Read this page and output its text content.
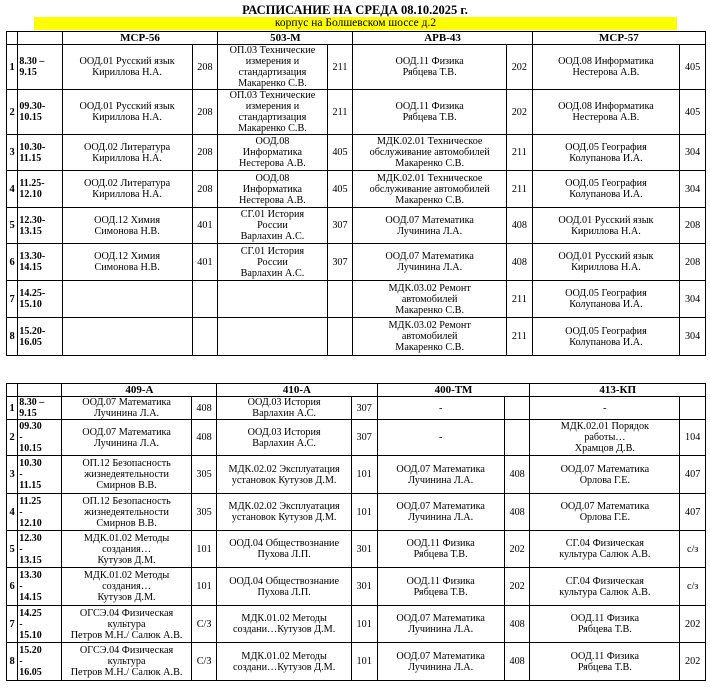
РАСПИСАНИЕ НА СРЕДА 08.10.2025 г.
корпус на Болшевском шоссе д.2
		МСР-56		503-М		АРВ-43		МСР-57	
1	8.30 –
9.15	ООД.01 Русский язык
Кириллова Н.А.	208	ОП.03 Технические
измерения и
стандартизация
Макаренко С.В.	211	ООД.11 Физика
Рябцева Т.В.	202	ООД.08 Информатика
Нестерова А.В.	405
2	09.30-
10.15	ООД.01 Русский язык
Кириллова Н.А.	208	ОП.03 Технические
измерения и
стандартизация
Макаренко С.В.	211	ООД.11 Физика
Рябцева Т.В.	202	ООД.08 Информатика
Нестерова А.В.	405
3	10.30-
11.15	ООД.02 Литература
Кириллова Н.А.	208	ООД.08
Информатика
Нестерова А.В.	405	МДК.02.01 Техническое
обслуживание автомобилей
Макаренко С.В.	211	ООД.05 География
Колупанова И.А.	304
4	11.25-
12.10	ООД.02 Литература
Кириллова Н.А.	208	ООД.08
Информатика
Нестерова А.В.	405	МДК.02.01 Техническое
обслуживание автомобилей
Макаренко С.В.	211	ООД.05 География
Колупанова И.А.	304
5	12.30-
13.15	ООД.12 Химия
Симонова Н.В.	401	СГ.01 История
России
Варлахин А.С.	307	ООД.07 Математика
Лучинина Л.А.	408	ООД.01 Русский язык
Кириллова Н.А.	208
6	13.30-
14.15	ООД.12 Химия
Симонова Н.В.	401	СГ.01 История
России
Варлахин А.С.	307	ООД.07 Математика
Лучинина Л.А.	408	ООД.01 Русский язык
Кириллова Н.А.	208
7	14.25-
15.10					МДК.03.02 Ремонт
автомобилей
Макаренко С.В.	211	ООД.05 География
Колупанова И.А.	304
8	15.20-
16.05					МДК.03.02 Ремонт
автомобилей
Макаренко С.В.	211	ООД.05 География
Колупанова И.А.	304
		409-А		410-А		400-ТМ		413-КП	
1	8.30 –
9.15	ООД.07 Математика
Лучинина Л.А.	408	ООД.03 История
Варлахин А.С.	307	-		-	
2	09.30
-
10.15	ООД.07 Математика
Лучинина Л.А.	408	ООД.03 История
Варлахин А.С.	307	-		МДК.02.01 Порядок
работы…
Храмцов Д.В.	104
3	10.30
-
11.15	ОП.12 Безопасность
жизнедеятельности
Смирнов В.В.	305	МДК.02.02 Эксплуатация
установок Кутузов Д.М.	101	ООД.07 Математика
Лучинина Л.А.	408	ООД.07 Математика
Орлова Г.Е.	407
4	11.25
-
12.10	ОП.12 Безопасность
жизнедеятельности
Смирнов В.В.	305	МДК.02.02 Эксплуатация
установок Кутузов Д.М.	101	ООД.07 Математика
Лучинина Л.А.	408	ООД.07 Математика
Орлова Г.Е.	407
5	12.30
-
13.15	МДК.01.02 Методы
создания…
Кутузов Д.М.	101	ООД.04 Обществознание
Пухова Л.П.	301	ООД.11 Физика
Рябцева Т.В.	202	СГ.04 Физическая
культура Салюк А.В.	с/з
6	13.30
-
14.15	МДК.01.02 Методы
создания…
Кутузов Д.М.	101	ООД.04 Обществознание
Пухова Л.П.	301	ООД.11 Физика
Рябцева Т.В.	202	СГ.04 Физическая
культура Салюк А.В.	с/з
7	14.25
-
15.10	ОГСЭ.04 Физическая
культура
Петров М.Н./ Салюк А.В.	С/З	МДК.01.02 Методы
создани…Кутузов Д.М.	101	ООД.07 Математика
Лучинина Л.А.	408	ООД.11 Физика
Рябцева Т.В.	202
8	15.20
-
16.05	ОГСЭ.04 Физическая
культура
Петров М.Н./ Салюк А.В.	С/З	МДК.01.02 Методы
создани…Кутузов Д.М.	101	ООД.07 Математика
Лучинина Л.А.	408	ООД.11 Физика
Рябцева Т.В.	202
